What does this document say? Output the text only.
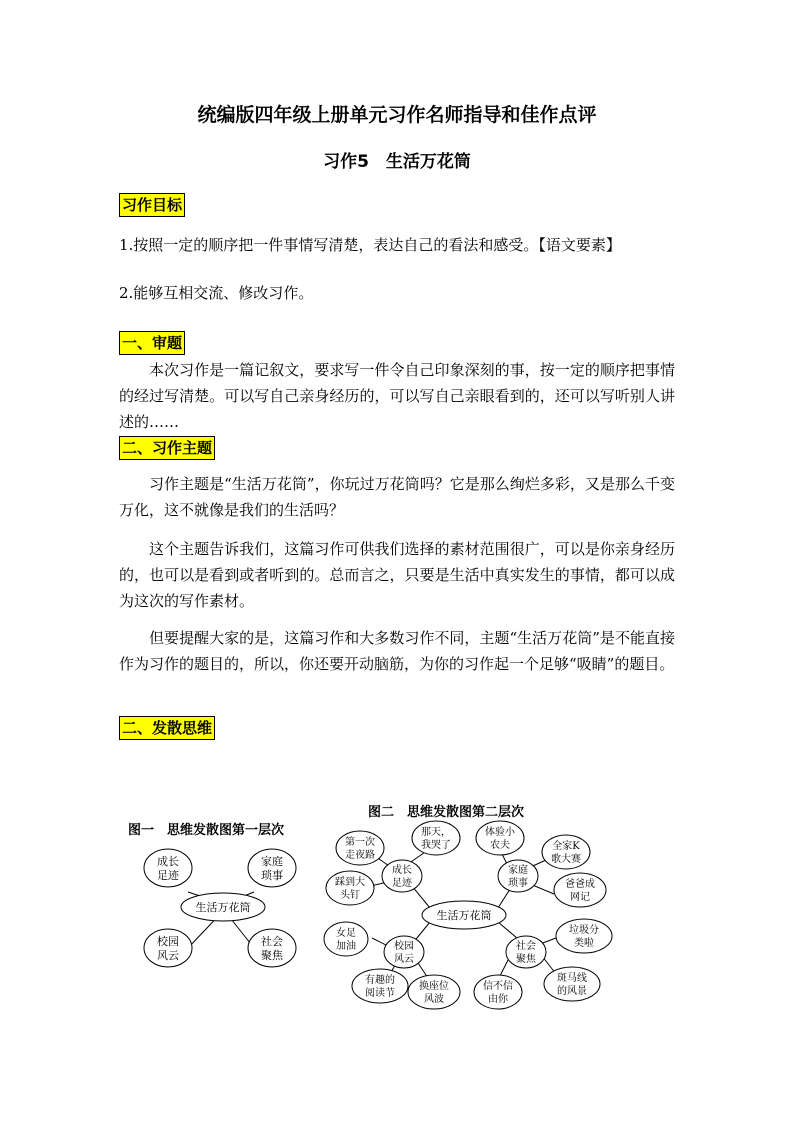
统编版四年级上册单元习作名师指导和佳作点评
习作5　生活万花筒
习作目标

1.按照一定的顺序把一件事情写清楚，表达自己的看法和感受。【语文要素】

2.能够互相交流、修改习作。

一、审题

本次习作是一篇记叙文，要求写一件令自己印象深刻的事，按一定的顺序把事情的经过写清楚。可以写自己亲身经历的，可以写自己亲眼看到的，还可以写听别人讲述的……

二、习作主题

习作主题是“生活万花筒”，你玩过万花筒吗？它是那么绚烂多彩，又是那么千变万化，这不就像是我们的生活吗？

这个主题告诉我们，这篇习作可供我们选择的素材范围很广，可以是你亲身经历的，也可以是看到或者听到的。总而言之，只要是生活中真实发生的事情，都可以成为这次的写作素材。

但要提醒大家的是，这篇习作和大多数习作不同，主题“生活万花筒”是不能直接作为习作的题目的，所以，你还要开动脑筋，为你的习作起一个足够“吸睛”的题目。

二、发散思维
图一　思维发散图第一层次
生活万花筒
成长
足迹
家庭
琐事
校园
风云
社会
聚焦
图二　思维发散图第二层次
生活万花筒
成长
足迹
家庭
琐事
校园
风云
社会
聚焦
第一次
走夜路
那天，
我哭了
踩到大
头钉
体验小
农夫	全家K
歌大赛
爸爸成
网记
女足
加油
有趣的
阅读节
换座位
风波
信不信
由你
垃圾分
类啦
斑马线
的风景
